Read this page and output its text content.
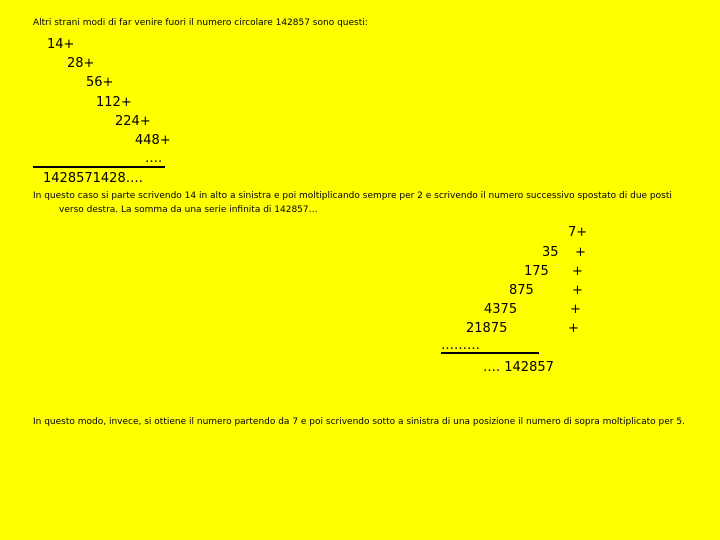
Altri strani modi di far venire fuori il numero circolare 142857 sono questi:
14+
28+
56+
112+
224+
448+
….
1428571428….
In questo caso si parte scrivendo 14 in alto a sinistra e poi moltiplicando sempre per 2 e scrivendo il numero successivo spostato di due posti verso destra. La somma da una serie infinita di 142857…
7+
35
175
875
4375
21875
………
+
+
+
+
+
…. 142857
In questo modo, invece, si ottiene il numero partendo da 7 e poi scrivendo sotto a sinistra di una posizione il numero di sopra moltiplicato per 5.
